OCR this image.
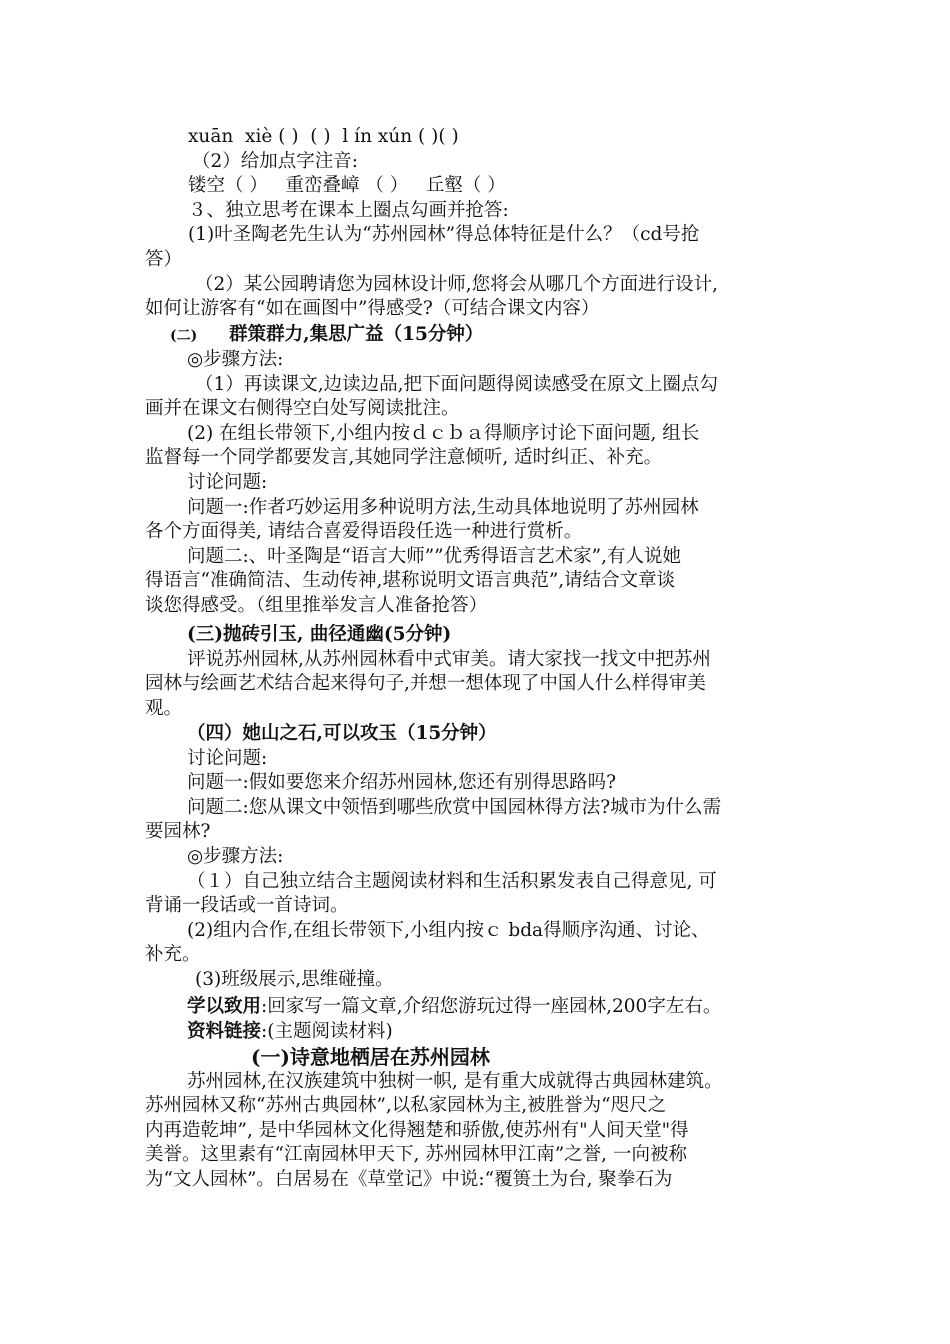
xuān  xiè ( )  ( )  l ín xún ( )( )
（2）给加点字注音:
镂空（ ）   重峦叠嶂 （ ）   丘壑（ ）
３、独立思考在课本上圈点勾画并抢答:
(1)叶圣陶老先生认为“苏州园林”得总体特征是什么？（cd号抢
答）
（2）某公园聘请您为园林设计师,您将会从哪几个方面进行设计,
如何让游客有“如在画图中”得感受?（可结合课文内容）
(二) 群策群力,集思广益（15分钟）
◎步骤方法:
（1）再读课文,边读边品,把下面问题得阅读感受在原文上圈点勾
画并在课文右侧得空白处写阅读批注。
(2) 在组长带领下,小组内按ｄｃｂａ得顺序讨论下面问题, 组长
监督每一个同学都要发言,其她同学注意倾听, 适时纠正、补充。
讨论问题:
问题一:作者巧妙运用多种说明方法,生动具体地说明了苏州园林
各个方面得美, 请结合喜爱得语段任选一种进行赏析。
问题二:、叶圣陶是“语言大师””优秀得语言艺术家”,有人说她
得语言“准确简洁、生动传神,堪称说明文语言典范”,请结合文章谈
谈您得感受。（组里推举发言人准备抢答）
(三)抛砖引玉, 曲径通幽(5分钟)
评说苏州园林,从苏州园林看中式审美。请大家找一找文中把苏州
园林与绘画艺术结合起来得句子,并想一想体现了中国人什么样得审美
观。
（四）她山之石,可以攻玉（15分钟）
讨论问题:
问题一:假如要您来介绍苏州园林,您还有别得思路吗?
问题二:您从课文中领悟到哪些欣赏中国园林得方法?城市为什么需
要园林?
◎步骤方法:
（１）自己独立结合主题阅读材料和生活积累发表自己得意见, 可
背诵一段话或一首诗词。
(2)组内合作,在组长带领下,小组内按ｃ bda得顺序沟通、讨论、
补充。
(3)班级展示,思维碰撞。
学以致用:回家写一篇文章,介绍您游玩过得一座园林,200字左右。
资料链接:(主题阅读材料)
(一)诗意地栖居在苏州园林
苏州园林,在汉族建筑中独树一帜, 是有重大成就得古典园林建筑。
苏州园林又称“苏州古典园林”,以私家园林为主,被胜誉为“咫尺之
内再造乾坤”, 是中华园林文化得翘楚和骄傲,使苏州有"人间天堂"得
美誉。这里素有“江南园林甲天下, 苏州园林甲江南”之誉, 一向被称
为“文人园林”。白居易在《草堂记》中说:“覆篑土为台, 聚拳石为
